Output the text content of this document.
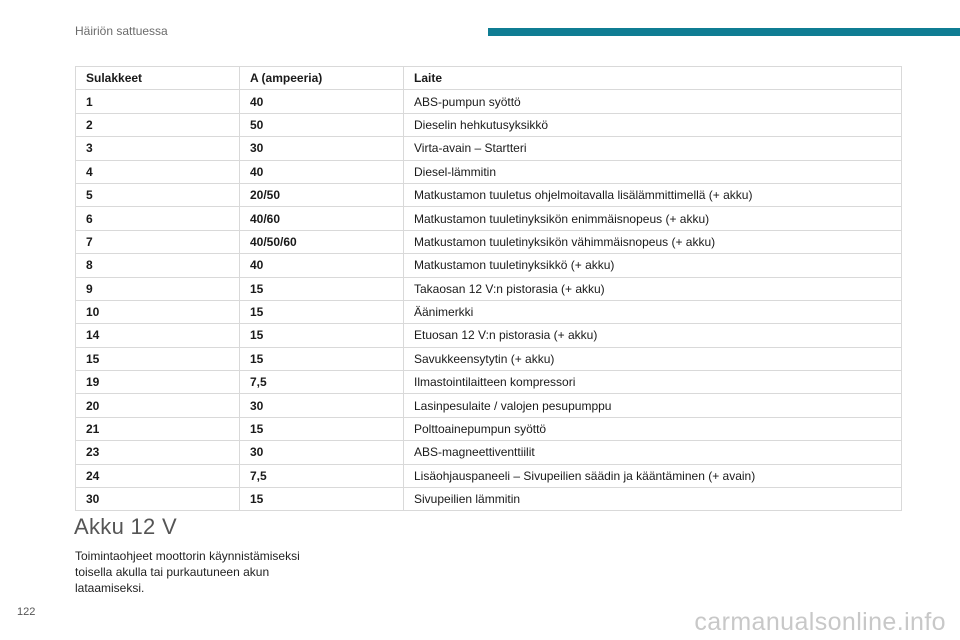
Häiriön sattuessa
Sulakkeet	A (ampeeria)	Laite
1	40	ABS-pumpun syöttö
2	50	Dieselin hehkutusyksikkö
3	30	Virta-avain – Startteri
4	40	Diesel-lämmitin
5	20/50	Matkustamon tuuletus ohjelmoitavalla lisälämmittimellä (+ akku)
6	40/60	Matkustamon tuuletinyksikön enimmäisnopeus (+ akku)
7	40/50/60	Matkustamon tuuletinyksikön vähimmäisnopeus (+ akku)
8	40	Matkustamon tuuletinyksikkö (+ akku)
9	15	Takaosan 12 V:n pistorasia (+ akku)
10	15	Äänimerkki
14	15	Etuosan 12 V:n pistorasia (+ akku)
15	15	Savukkeensytytin (+ akku)
19	7,5	Ilmastointilaitteen kompressori
20	30	Lasinpesulaite / valojen pesupumppu
21	15	Polttoainepumpun syöttö
23	30	ABS-magneettiventtiilit
24	7,5	Lisäohjauspaneeli – Sivupeilien säädin ja kääntäminen (+ avain)
30	15	Sivupeilien lämmitin
Akku 12 V
Toimintaohjeet moottorin käynnistämiseksi toisella akulla tai purkautuneen akun lataamiseksi.
122	carmanualsonline.info
